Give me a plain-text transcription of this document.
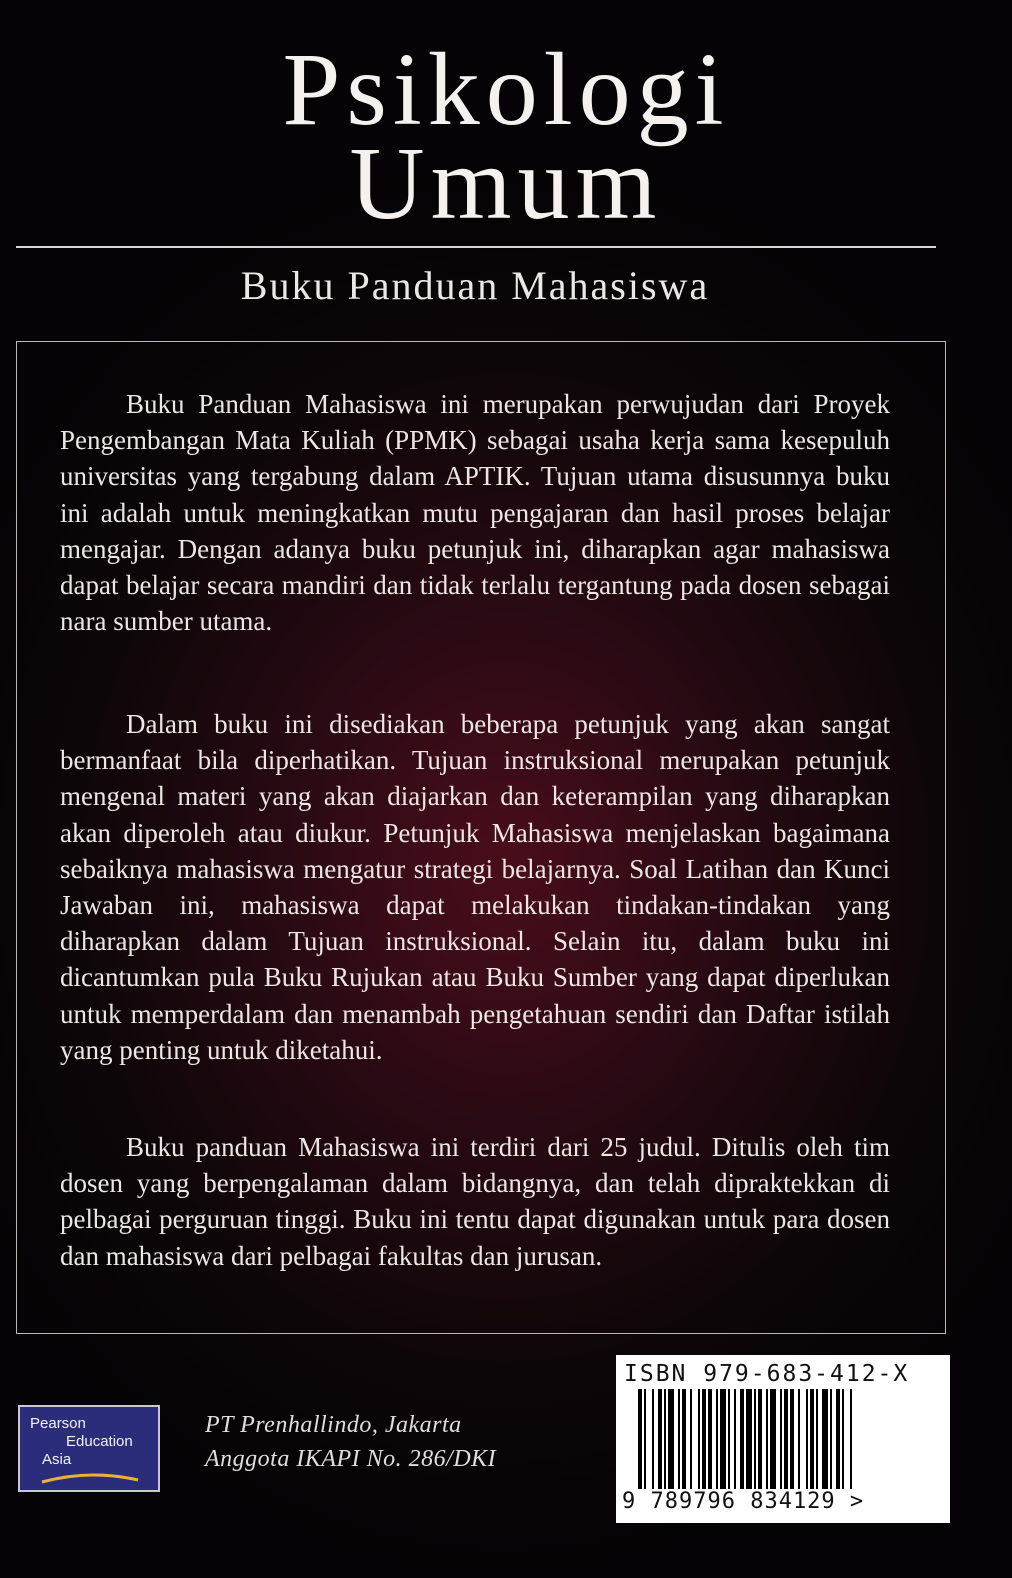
Psikologi
Umum
Buku Panduan Mahasiswa

Buku Panduan Mahasiswa ini merupakan perwujudan dari Proyek Pengembangan Mata Kuliah (PPMK) sebagai usaha kerja sama kesepuluh universitas yang tergabung dalam APTIK. Tujuan utama disusunnya buku ini adalah untuk meningkatkan mutu pengajaran dan hasil proses belajar mengajar. Dengan adanya buku petunjuk ini, diharapkan agar mahasiswa dapat belajar secara mandiri dan tidak terlalu tergantung pada dosen sebagai nara sumber utama.

Dalam buku ini disediakan beberapa petunjuk yang akan sangat bermanfaat bila diperhatikan. Tujuan instruksional merupakan petunjuk mengenal materi yang akan diajarkan dan keterampilan yang diharapkan akan diperoleh atau diukur. Petunjuk Mahasiswa menjelaskan bagaimana sebaiknya mahasiswa mengatur strategi belajarnya. Soal Latihan dan Kunci Jawaban ini, mahasiswa dapat melakukan tindakan-tindakan yang diharapkan dalam Tujuan instruksional. Selain itu, dalam buku ini dicantumkan pula Buku Rujukan atau Buku Sumber yang dapat diperlukan untuk memperdalam dan menambah pengetahuan sendiri dan Daftar istilah yang penting untuk diketahui.

Buku panduan Mahasiswa ini terdiri dari 25 judul. Ditulis oleh tim dosen yang berpengalaman dalam bidangnya, dan telah dipraktekkan di pelbagai perguruan tinggi. Buku ini tentu dapat digunakan untuk para dosen dan mahasiswa dari pelbagai fakultas dan jurusan.

Pearson
Education
Asia
PT Prenhallindo, Jakarta
Anggota IKAPI No. 286/DKI
ISBN 979-683-412-X
9 789796 834129 >
